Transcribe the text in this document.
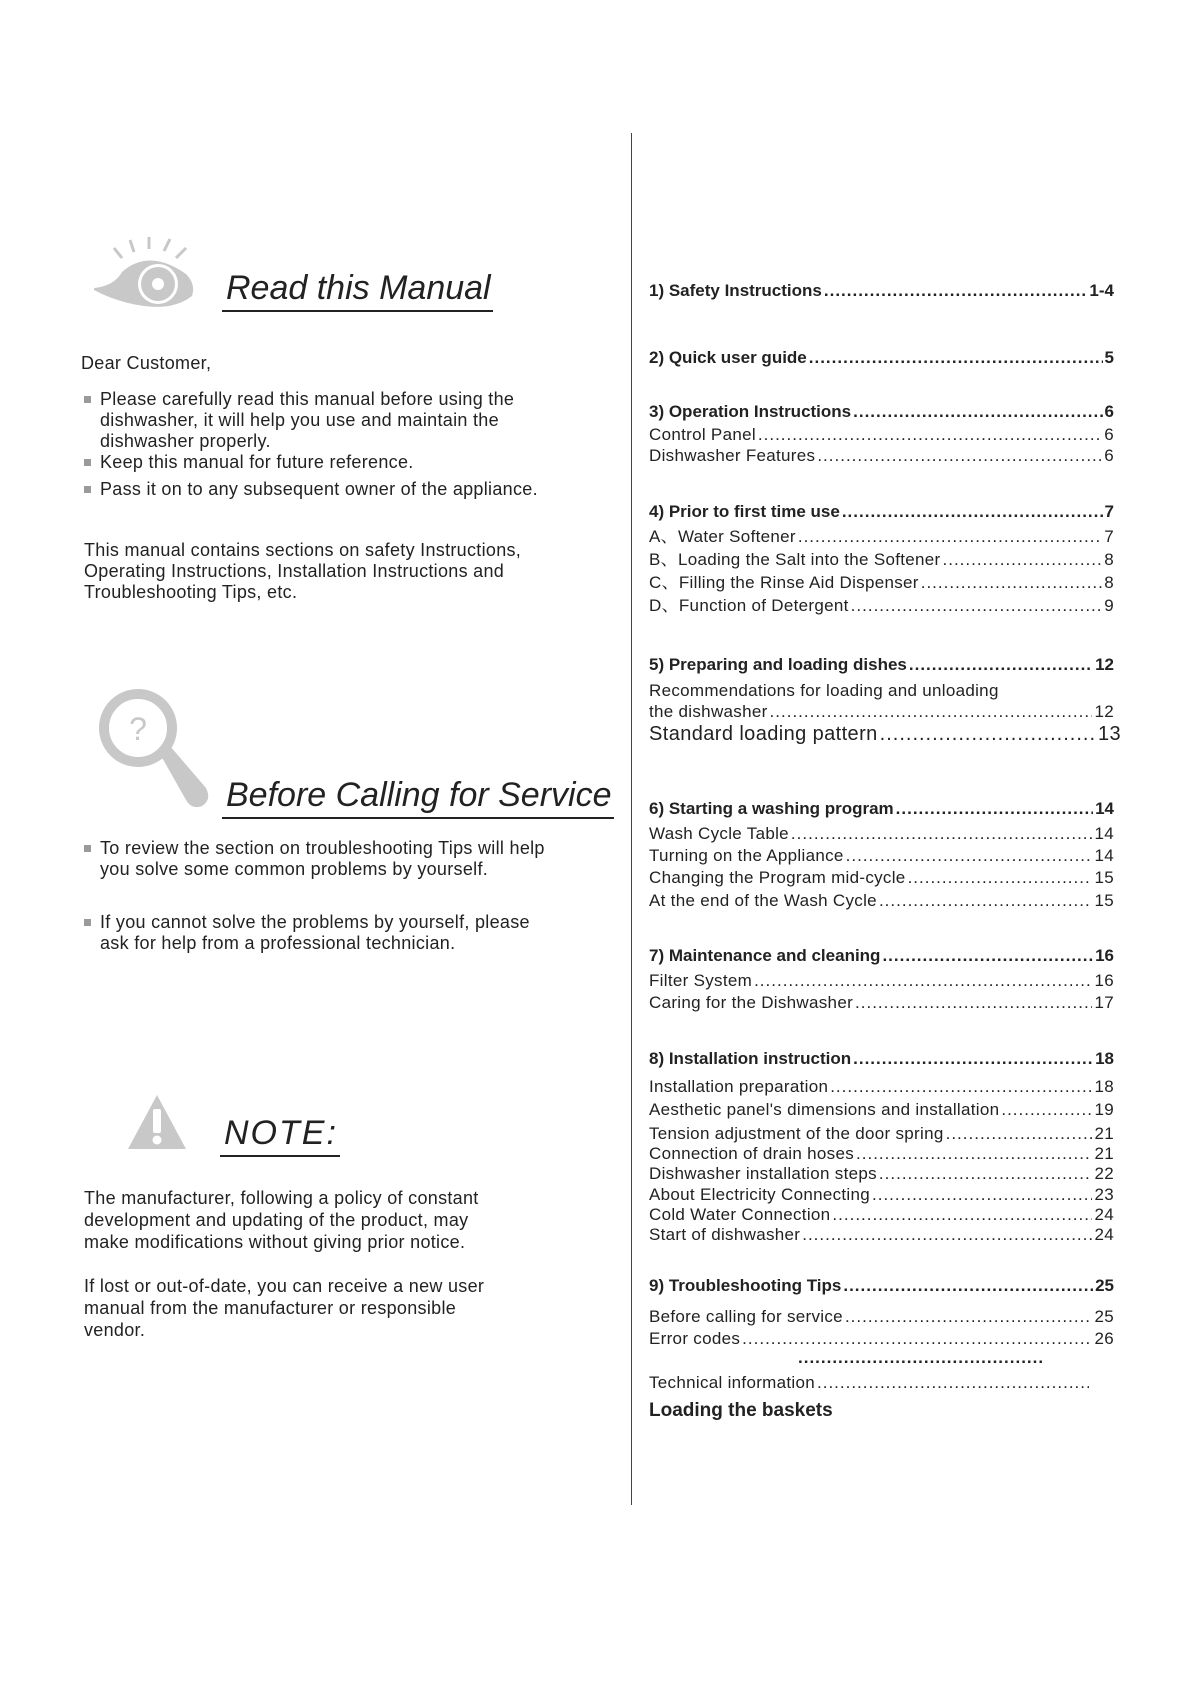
Read this Manual
Dear Customer,
Please carefully read this manual before using the dishwasher, it will help you use and maintain the dishwasher properly.
Keep this manual for future reference.
Pass it on to any subsequent owner of the appliance.
This manual contains sections on safety Instructions, Operating Instructions, Installation Instructions and Troubleshooting Tips, etc.
?
Before Calling for Service
To review the section on troubleshooting Tips will help you solve some common problems by yourself.
If you cannot solve the problems by yourself, please ask for help from a professional technician.
NOTE:
The manufacturer, following a policy of constant development and updating of the product, may make modifications without giving prior notice.
If lost or out-of-date, you can receive a new user manual from the manufacturer or responsible vendor.
1) Safety Instructions .....	1-4
2) Quick user guide .....	5
3) Operation Instructions .....	6
Control Panel .....	6
Dishwasher Features .....	6
4) Prior to first time use .....	7
A、Water Softener .....	7
B、Loading the Salt into the Softener .....	8
C、Filling the Rinse Aid Dispenser .....	8
D、Function of Detergent .....	9
5) Preparing and loading dishes .....	12
Recommendations for loading and unloading
the dishwasher .....	12
Standard loading pattern .....	13
6) Starting a washing program .....	14
Wash Cycle Table .....	14
Turning on the Appliance .....	14
Changing the Program mid-cycle .....	15
At the end of the Wash Cycle .....	15
7) Maintenance and cleaning .....	16
Filter System .....	16
Caring for the Dishwasher .....	17
8) Installation instruction .....	18
Installation preparation .....	18
Aesthetic panel's dimensions and installation .....	19
Tension adjustment of the door spring .....	21
Connection of drain hoses .....	21
Dishwasher installation steps .....	22
About Electricity Connecting .....	23
Cold Water Connection .....	24
Start of dishwasher .....	24
9) Troubleshooting Tips .....	25
Before calling for service .....	25
Error codes .....	26
...........................................
Technical information
.....
Loading the baskets
